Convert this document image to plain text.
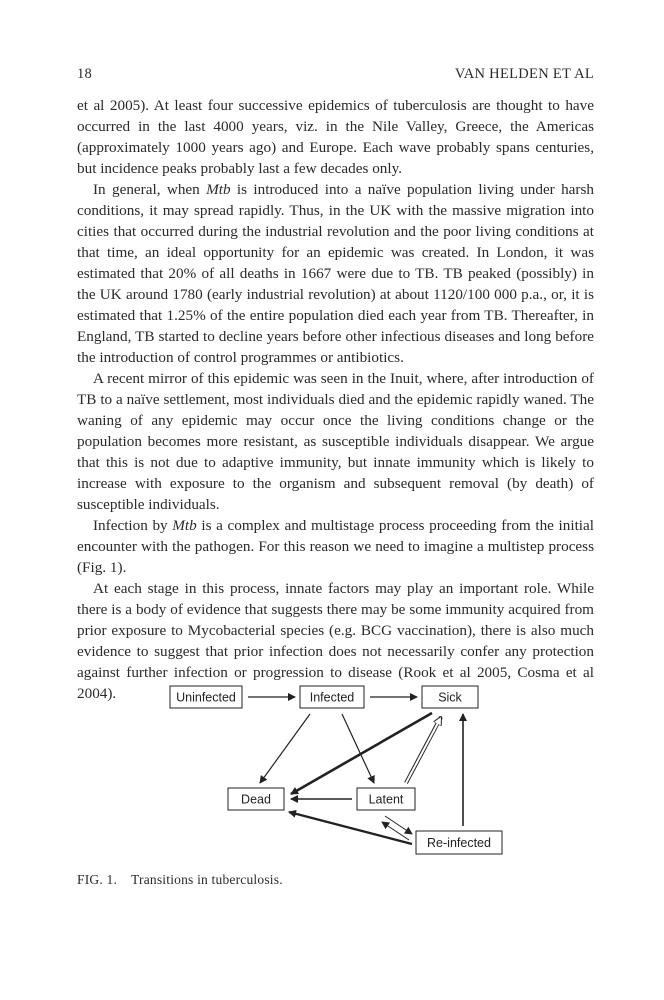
18	VAN HELDEN ET AL

et al 2005). At least four successive epidemics of tuberculosis are thought to have occurred in the last 4000 years, viz. in the Nile Valley, Greece, the Americas (approximately 1000 years ago) and Europe. Each wave probably spans centuries, but incidence peaks probably last a few decades only.

In general, when Mtb is introduced into a naïve population living under harsh conditions, it may spread rapidly. Thus, in the UK with the massive migration into cities that occurred during the industrial revolution and the poor living conditions at that time, an ideal opportunity for an epidemic was created. In London, it was estimated that 20% of all deaths in 1667 were due to TB. TB peaked (possibly) in the UK around 1780 (early industrial revolution) at about 1120/100 000 p.a., or, it is estimated that 1.25% of the entire population died each year from TB. Thereafter, in England, TB started to decline years before other infectious diseases and long before the introduction of control programmes or antibiotics.

A recent mirror of this epidemic was seen in the Inuit, where, after introduction of TB to a naïve settlement, most individuals died and the epidemic rapidly waned. The waning of any epidemic may occur once the living conditions change or the population becomes more resistant, as susceptible individuals disappear. We argue that this is not due to adaptive immunity, but innate immunity which is likely to increase with exposure to the organism and subsequent removal (by death) of susceptible individuals.

Infection by Mtb is a complex and multistage process proceeding from the initial encounter with the pathogen. For this reason we need to imagine a multistep process (Fig. 1).

At each stage in this process, innate factors may play an important role. While there is a body of evidence that suggests there may be some immunity acquired from prior exposure to Mycobacterial species (e.g. BCG vaccination), there is also much evidence to suggest that prior infection does not necessarily confer any protection against further infection or progression to disease (Rook et al 2005, Cosma et al 2004).	Uninfected	Infected	Sick
Dead	Latent
Re-infected
FIG. 1. Transitions in tuberculosis.
